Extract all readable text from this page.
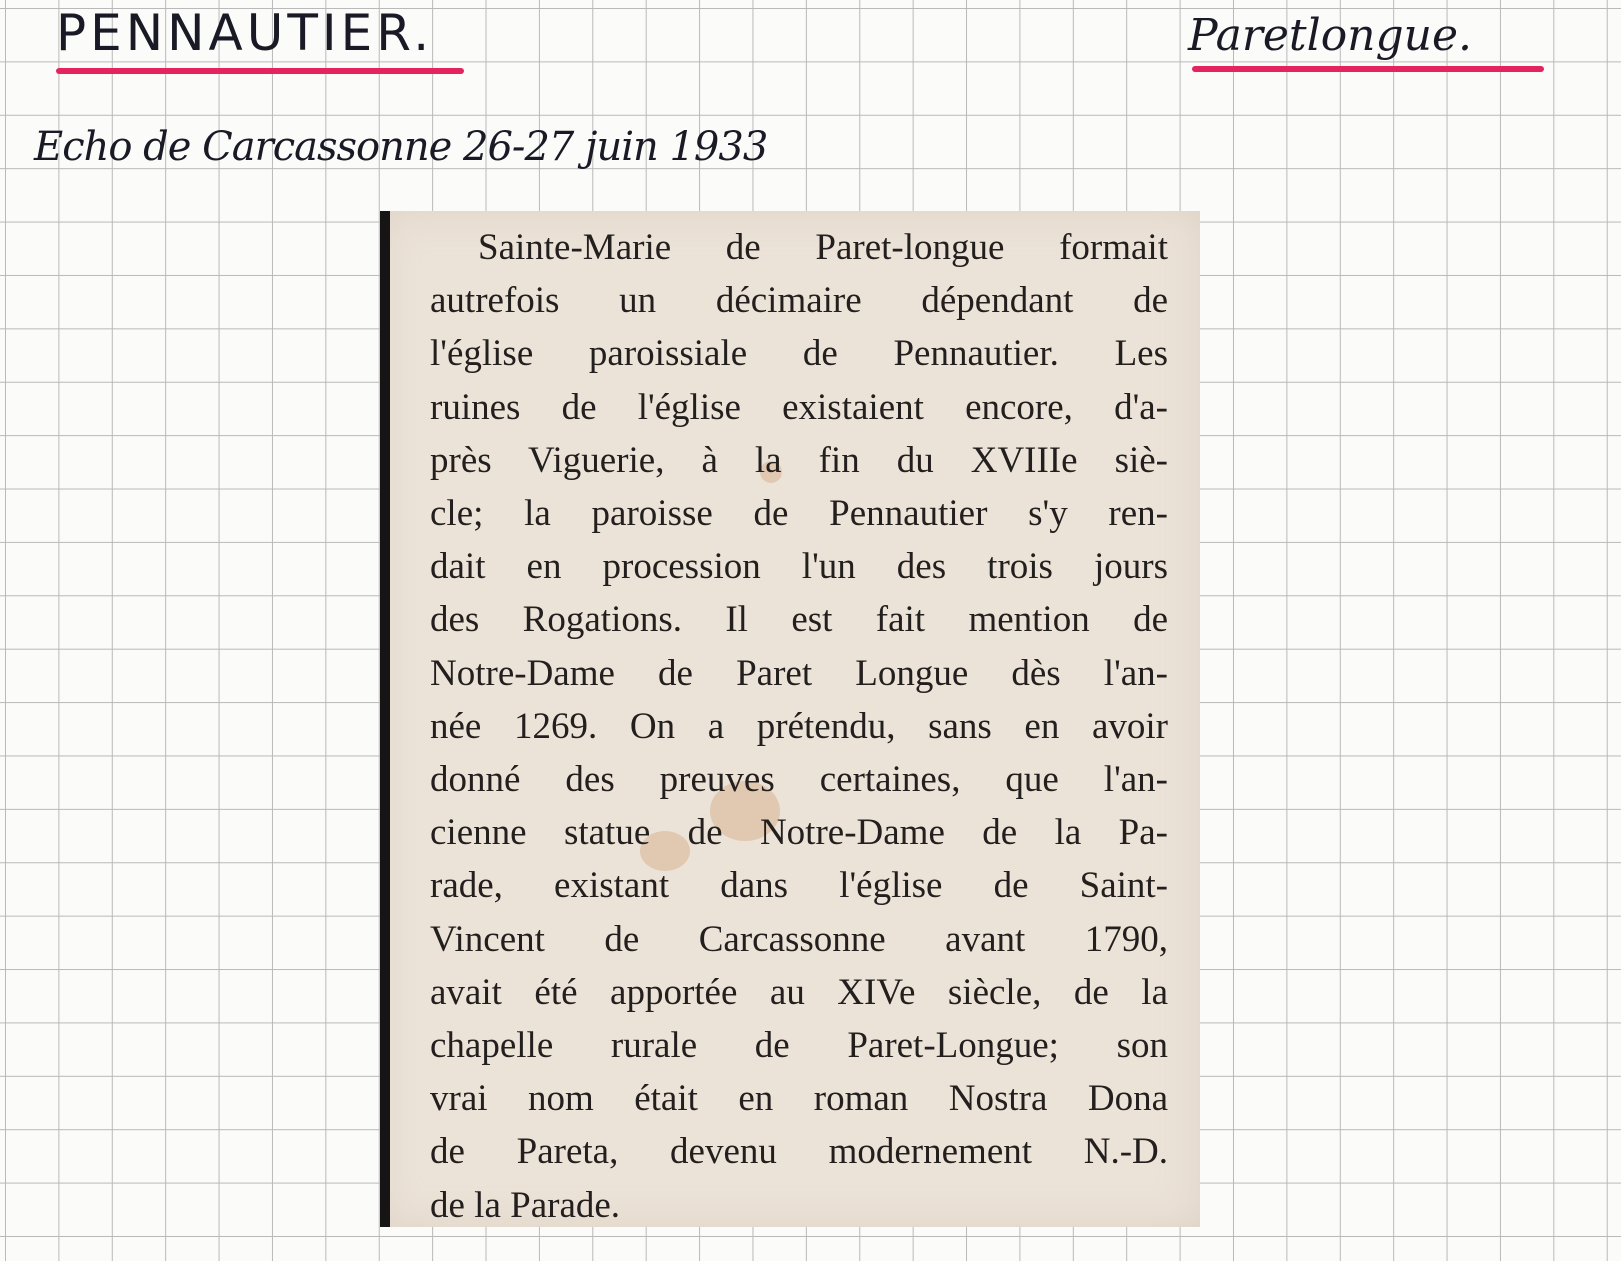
PENNAUTIER.	Paretlongue.
Echo de Carcassonne 26-27 juin 1933
Sainte-Marie de Paret-longue formait
autrefois un décimaire dépendant de
l'église paroissiale de Pennautier. Les
ruines de l'église existaient encore, d'a-
près Viguerie, à la fin du XVIIIe siè-
cle; la paroisse de Pennautier s'y ren-
dait en procession l'un des trois jours
des Rogations. Il est fait mention de
Notre-Dame de Paret Longue dès l'an-
née 1269. On a prétendu, sans en avoir
donné des preuves certaines, que l'an-
cienne statue de Notre-Dame de la Pa-
rade, existant dans l'église de Saint-
Vincent de Carcassonne avant 1790,
avait été apportée au XIVe siècle, de la
chapelle rurale de Paret-Longue; son
vrai nom était en roman Nostra Dona
de Pareta, devenu modernement N.-D.
de la Parade.
